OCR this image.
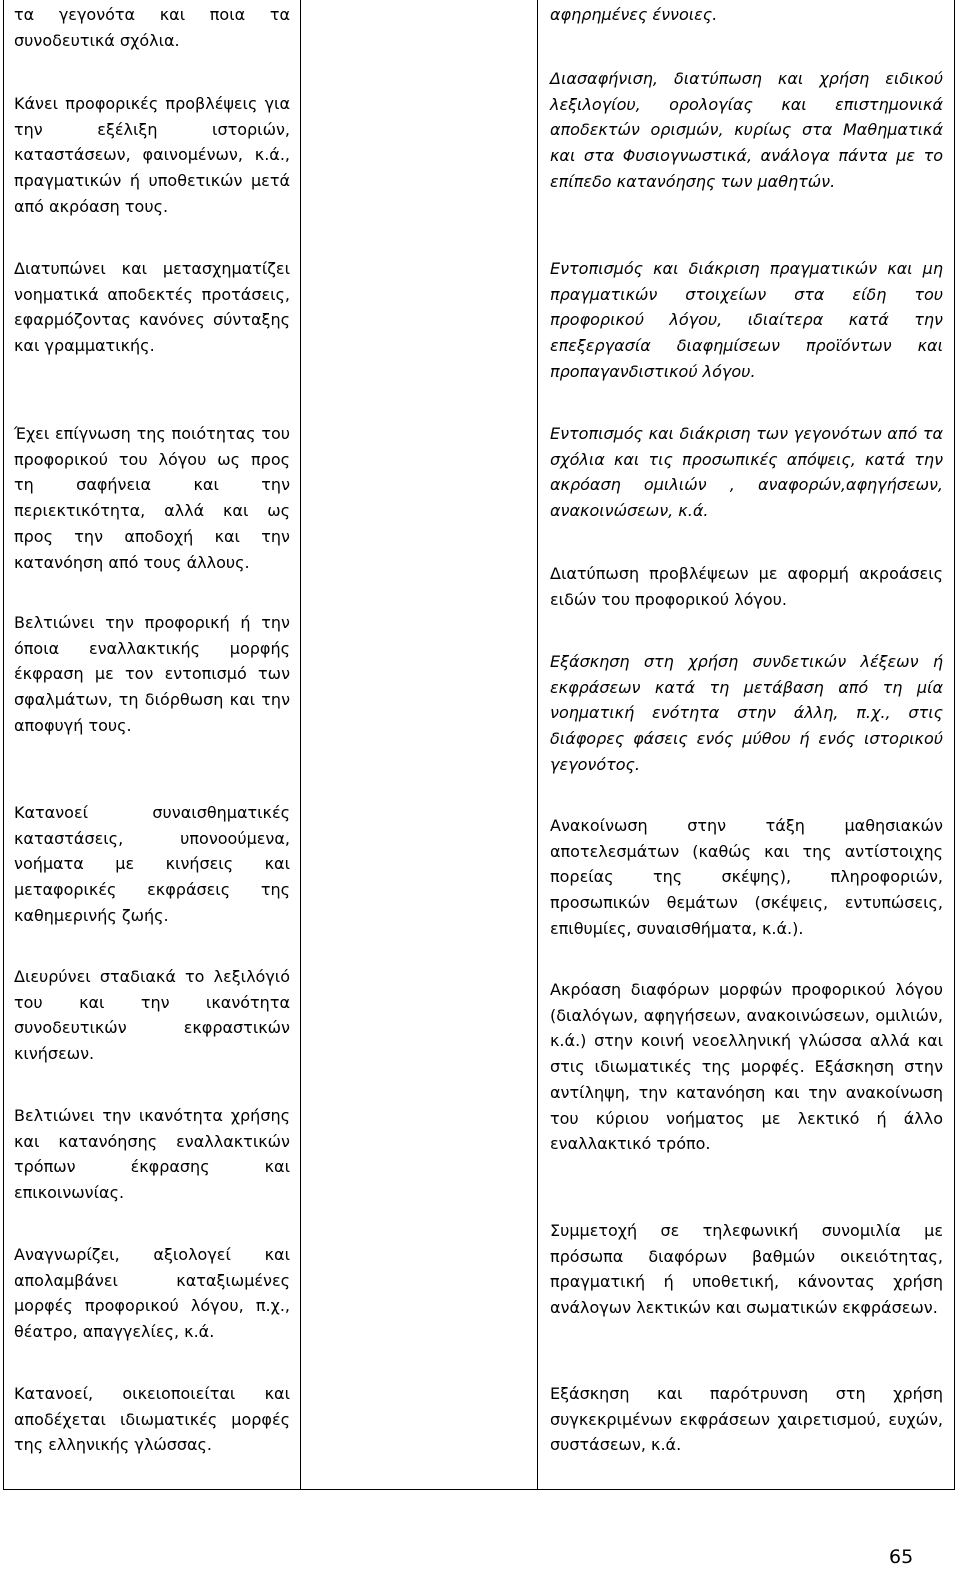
τα γεγονότα και ποια τα συνοδευτικά σχόλια.

Κάνει προφορικές προβλέψεις για την εξέλιξη ιστοριών, καταστάσεων, φαινομένων, κ.ά., πραγματικών ή υποθετικών μετά από ακρόαση τους.

Διατυπώνει και μετασχηματίζει νοηματικά αποδεκτές προτάσεις, εφαρμόζοντας κανόνες σύνταξης και γραμματικής.

Έχει επίγνωση της ποιότητας του προφορικού του λόγου ως προς τη σαφήνεια και την περιεκτικότητα, αλλά και ως προς την αποδοχή και την κατανόηση από τους άλλους.

Βελτιώνει την προφορική ή την όποια εναλλακτικής μορφής έκφραση με τον εντοπισμό των σφαλμάτων, τη διόρθωση και την αποφυγή τους.

Κατανοεί συναισθηματικές καταστάσεις, υπονοούμενα, νοήματα με κινήσεις και μεταφορικές εκφράσεις της καθημερινής ζωής.

Διευρύνει σταδιακά το λεξιλόγιό του και την ικανότητα συνοδευτικών εκφραστικών κινήσεων.

Βελτιώνει την ικανότητα χρήσης και κατανόησης εναλλακτικών τρόπων έκφρασης και επικοινωνίας.

Αναγνωρίζει, αξιολογεί και απολαμβάνει καταξιωμένες μορφές προφορικού λόγου, π.χ., θέατρο, απαγγελίες, κ.ά.

Κατανοεί, οικειοποιείται και αποδέχεται ιδιωματικές μορφές της ελληνικής γλώσσας.

αφηρημένες έννοιες.

Διασαφήνιση, διατύπωση και χρήση ειδικού λεξιλογίου, ορολογίας και επιστημονικά αποδεκτών ορισμών, κυρίως στα Μαθηματικά και στα Φυσιογνωστικά, ανάλογα πάντα με το επίπεδο κατανόησης των μαθητών.

Εντοπισμός και διάκριση πραγματικών και μη πραγματικών στοιχείων στα είδη του προφορικού λόγου, ιδιαίτερα κατά την επεξεργασία διαφημίσεων προϊόντων και προπαγανδιστικού λόγου.

Εντοπισμός και διάκριση των γεγονότων από τα σχόλια και τις προσωπικές απόψεις, κατά την ακρόαση ομιλιών , αναφορών,αφηγήσεων, ανακοινώσεων, κ.ά.

Διατύπωση προβλέψεων με αφορμή ακροάσεις ειδών του προφορικού λόγου.

Εξάσκηση στη χρήση συνδετικών λέξεων ή εκφράσεων κατά τη μετάβαση από τη μία νοηματική ενότητα στην άλλη, π.χ., στις διάφορες φάσεις ενός μύθου ή ενός ιστορικού γεγονότος.

Ανακοίνωση στην τάξη μαθησιακών αποτελεσμάτων (καθώς και της αντίστοιχης πορείας της σκέψης), πληροφοριών, προσωπικών θεμάτων (σκέψεις, εντυπώσεις, επιθυμίες, συναισθήματα, κ.ά.).

Ακρόαση διαφόρων μορφών προφορικού λόγου (διαλόγων, αφηγήσεων, ανακοινώσεων, ομιλιών, κ.ά.) στην κοινή νεοελληνική γλώσσα αλλά και στις ιδιωματικές της μορφές. Εξάσκηση στην αντίληψη, την κατανόηση και την ανακοίνωση του κύριου νοήματος με λεκτικό ή άλλο εναλλακτικό τρόπο.

Συμμετοχή σε τηλεφωνική συνομιλία με πρόσωπα διαφόρων βαθμών οικειότητας, πραγματική ή υποθετική, κάνοντας χρήση ανάλογων λεκτικών και σωματικών εκφράσεων.

Εξάσκηση και παρότρυνση στη χρήση συγκεκριμένων εκφράσεων χαιρετισμού, ευχών, συστάσεων, κ.ά.

65
